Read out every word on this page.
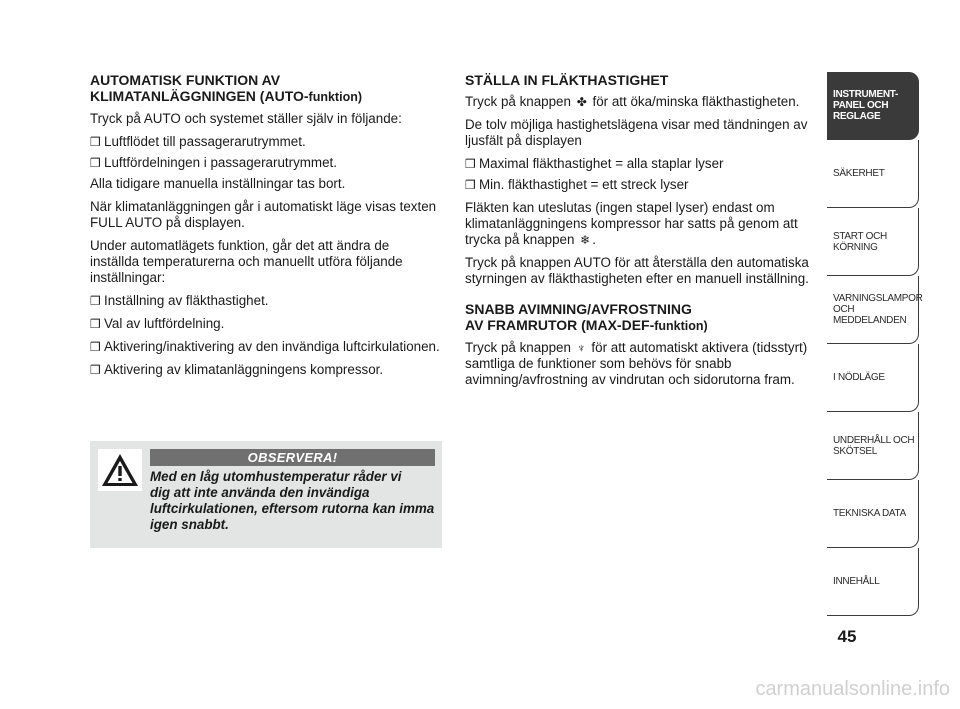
AUTOMATISK FUNKTION AV
KLIMATANLÄGGNINGEN (AUTO-funktion)

Tryck på AUTO och systemet ställer själv in följande:

❒ Luftflödet till passagerarutrymmet.
❒ Luftfördelningen i passagerarutrymmet.

Alla tidigare manuella inställningar tas bort.

När klimatanläggningen går i automatiskt läge visas texten FULL AUTO på displayen.

Under automatlägets funktion, går det att ändra de inställda temperaturerna och manuellt utföra följande inställningar:

❒ Inställning av fläkthastighet.
❒ Val av luftfördelning.
❒ Aktivering/inaktivering av den invändiga luftcirkulationen.
❒ Aktivering av klimatanläggningens kompressor.
OBSERVERA!
Med en låg utomhustemperatur råder vi
dig att inte använda den invändiga luftcirkulationen, eftersom rutorna kan imma igen snabbt.
STÄLLA IN FLÄKTHASTIGHET

Tryck på knappen ✤ för att öka/minska fläkthastigheten.

De tolv möjliga hastighetslägena visar med tändningen av ljusfält på displayen

❒ Maximal fläkthastighet = alla staplar lyser
❒ Min. fläkthastighet = ett streck lyser

Fläkten kan uteslutas (ingen stapel lyser) endast om klimatanläggningens kompressor har satts på genom att trycka på knappen ❄ .

Tryck på knappen AUTO för att återställa den automatiska styrningen av fläkthastigheten efter en manuell inställning.

SNABB AVIMNING/AVFROSTNING
AV FRAMRUTOR (MAX-DEF-funktion)

Tryck på knappen ♆ för att automatiskt aktivera (tidsstyrt) samtliga de funktioner som behövs för snabb avimning/avfrostning av vindrutan och sidorutorna fram.

INSTRUMENT-PANEL OCH REGLAGE
SÄKERHET
START OCH KÖRNING
VARNINGSLAMPOR OCH MEDDELANDEN
I NÖDLÄGE
UNDERHÅLL OCH SKÖTSEL
TEKNISKA DATA
INNEHÅLL
45
carmanualsonline.info
